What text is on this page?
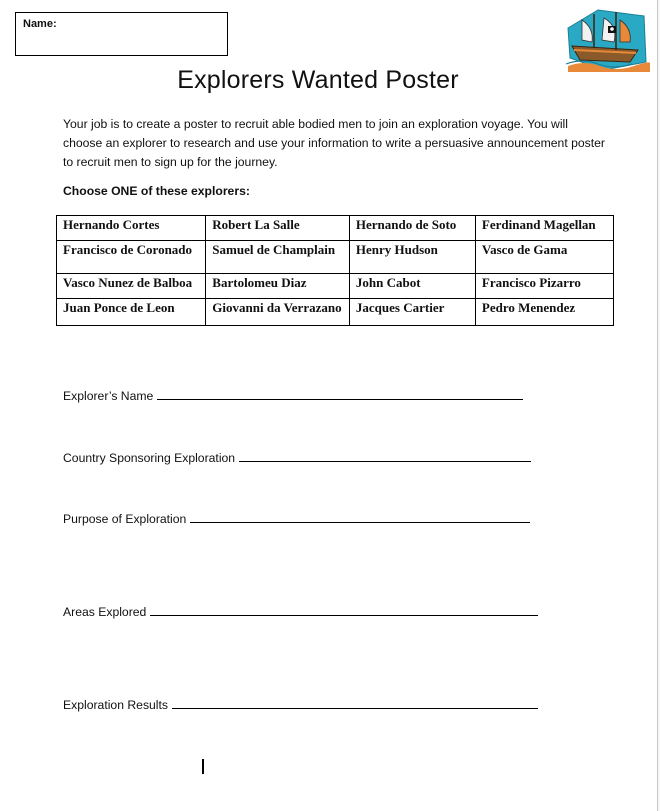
Name:
Explorers Wanted Poster
Your job is to create a poster to recruit able bodied men to join an exploration voyage. You will choose an explorer to research and use your information to write a persuasive announcement poster to recruit men to sign up for the journey.
Choose ONE of these explorers:
Hernando Cortes	Robert La Salle	Hernando de Soto	Ferdinand Magellan
Francisco de Coronado	Samuel de Champlain	Henry Hudson	Vasco de Gama
Vasco Nunez de Balboa	Bartolomeu Diaz	John Cabot	Francisco Pizarro
Juan Ponce de Leon	Giovanni da Verrazano	Jacques Cartier	Pedro Menendez
Explorer’s Name
Country Sponsoring Exploration
Purpose of Exploration
Areas Explored
Exploration Results
